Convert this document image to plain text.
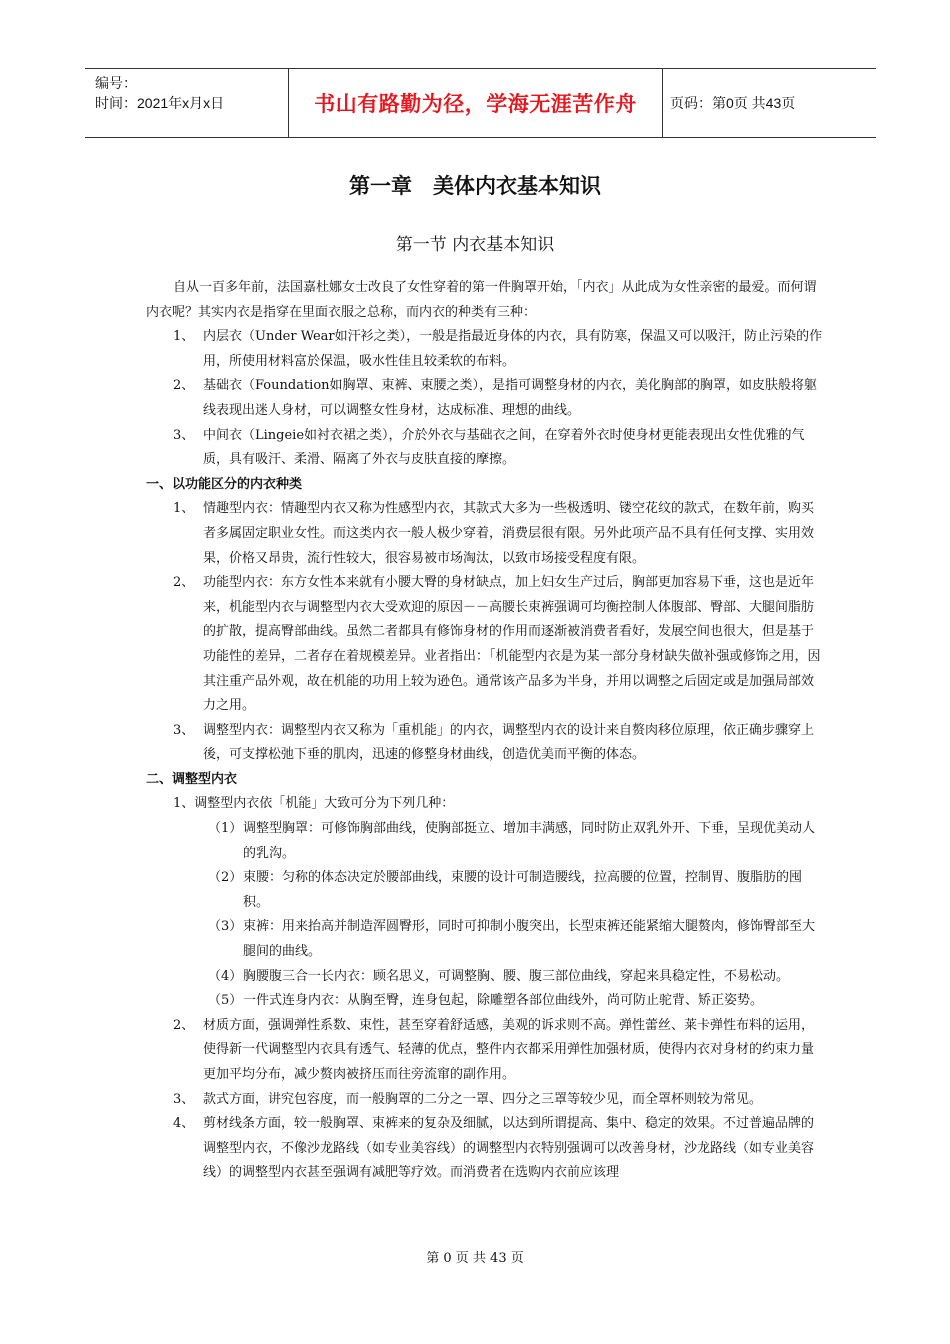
编号：
时间：2021年x月x日	书山有路勤为径，学海无涯苦作舟	页码：第0页 共43页
第一章　美体内衣基本知识
第一节 内衣基本知识

自从一百多年前，法国嘉杜娜女士改良了女性穿着的第一件胸罩开始，「内衣」从此成为女性亲密的最爱。而何谓内衣呢？其实内衣是指穿在里面衣服之总称，而内衣的种类有三种：

1、 内层衣（Under Wear如汗衫之类），一般是指最近身体的内衣，具有防寒，保温又可以吸汗，防止污染的作用，所使用材料富於保温，吸水性佳且较柔软的布料。

2、 基础衣（Foundation如胸罩、束裤、束腰之类），是指可调整身材的内衣，美化胸部的胸罩，如皮肤般将躯线表现出迷人身材，可以调整女性身材，达成标准、理想的曲线。

3、 中间衣（Lingeie如衬衣裙之类），介於外衣与基础衣之间，在穿着外衣时使身材更能表现出女性优雅的气质，具有吸汗、柔滑、隔离了外衣与皮肤直接的摩擦。

一、以功能区分的内衣种类

1、 情趣型内衣：情趣型内衣又称为性感型内衣，其款式大多为一些极透明、镂空花纹的款式，在数年前，购买者多属固定职业女性。而这类内衣一般人极少穿着，消费层很有限。另外此项产品不具有任何支撑、实用效果，价格又昂贵，流行性较大，很容易被市场淘汰，以致市场接受程度有限。

2、 功能型内衣：东方女性本来就有小腰大臀的身材缺点，加上妇女生产过后，胸部更加容易下垂，这也是近年来，机能型内衣与调整型内衣大受欢迎的原因－－高腰长束裤强调可均衡控制人体腹部、臀部、大腿间脂肪的扩散，提高臀部曲线。虽然二者都具有修饰身材的作用而逐渐被消费者看好，发展空间也很大，但是基于功能性的差异，二者存在着规模差异。业者指出：「机能型内衣是为某一部分身材缺失做补强或修饰之用，因其注重产品外观，故在机能的功用上较为逊色。通常该产品多为半身，并用以调整之后固定或是加强局部效力之用。

3、 调整型内衣：调整型内衣又称为「重机能」的内衣，调整型内衣的设计来自赘肉移位原理，依正确步骤穿上後，可支撑松弛下垂的肌肉，迅速的修整身材曲线，创造优美而平衡的体态。

二、调整型内衣

1、调整型内衣依「机能」大致可分为下列几种：

（1） 调整型胸罩：可修饰胸部曲线，使胸部挺立、增加丰满感，同时防止双乳外开、下垂，呈现优美动人的乳沟。

（2） 束腰：匀称的体态决定於腰部曲线，束腰的设计可制造腰线，拉高腰的位置，控制胃、腹脂肪的囤积。

（3） 束裤：用来抬高并制造浑圆臀形，同时可抑制小腹突出，长型束裤还能紧缩大腿赘肉，修饰臀部至大腿间的曲线。

（4） 胸腰腹三合一长内衣：顾名思义，可调整胸、腰、腹三部位曲线，穿起来具稳定性，不易松动。

（5） 一件式连身内衣：从胸至臀，连身包起，除雕塑各部位曲线外，尚可防止驼背、矫正姿势。

2、 材质方面，强调弹性系数、束性，甚至穿着舒适感，美观的诉求则不高。弹性蕾丝、莱卡弹性布料的运用，使得新一代调整型内衣具有透气、轻薄的优点，整件内衣都采用弹性加强材质，使得内衣对身材的约束力量更加平均分布，减少赘肉被挤压而往旁流窜的副作用。

3、 款式方面，讲究包容度，而一般胸罩的二分之一罩、四分之三罩等较少见，而全罩杯则较为常见。

4、 剪材线条方面，较一般胸罩、束裤来的复杂及细腻，以达到所谓提高、集中、稳定的效果。不过普遍品牌的调整型内衣，不像沙龙路线（如专业美容线）的调整型内衣特别强调可以改善身材，沙龙路线（如专业美容线）的调整型内衣甚至强调有减肥等疗效。而消费者在选购内衣前应该理

第 0 页 共 43 页
